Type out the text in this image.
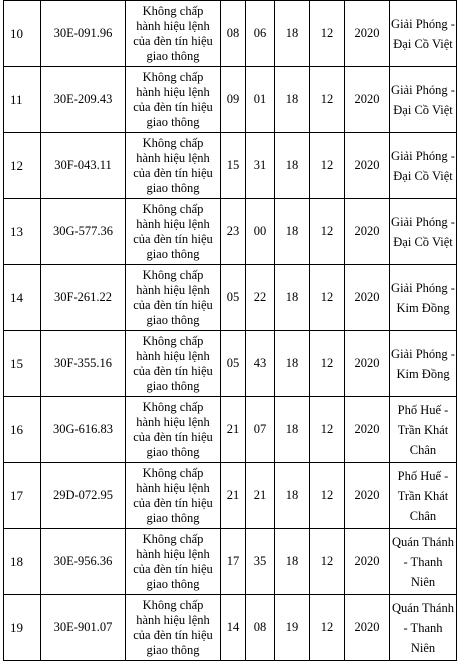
10	30E-091.96	Không chấp
hành hiệu lệnh
của đèn tín hiệu
giao thông	08	06	18	12	2020	Giải Phóng -
Đại Cồ Việt

11	30E-209.43	Không chấp
hành hiệu lệnh
của đèn tín hiệu
giao thông	09	01	18	12	2020	Giải Phóng -
Đại Cồ Việt

12	30F-043.11	Không chấp
hành hiệu lệnh
của đèn tín hiệu
giao thông	15	31	18	12	2020	Giải Phóng -
Đại Cồ Việt

13	30G-577.36	Không chấp
hành hiệu lệnh
của đèn tín hiệu
giao thông	23	00	18	12	2020	Giải Phóng -
Đại Cồ Việt

14	30F-261.22	Không chấp
hành hiệu lệnh
của đèn tín hiệu
giao thông	05	22	18	12	2020	Giải Phóng -
Kim Đồng

15	30F-355.16	Không chấp
hành hiệu lệnh
của đèn tín hiệu
giao thông	05	43	18	12	2020	Giải Phóng -
Kim Đồng

16	30G-616.83	Không chấp
hành hiệu lệnh
của đèn tín hiệu
giao thông	21	07	18	12	2020	Phố Huế -
Trần Khát
Chân

17	29D-072.95	Không chấp
hành hiệu lệnh
của đèn tín hiệu
giao thông	21	21	18	12	2020	Phố Huế -
Trần Khát
Chân

18	30E-956.36	Không chấp
hành hiệu lệnh
của đèn tín hiệu
giao thông	17	35	18	12	2020	Quán Thánh
- Thanh Niên

19	30E-901.07	Không chấp
hành hiệu lệnh
của đèn tín hiệu
giao thông	14	08	19	12	2020	Quán Thánh
- Thanh Niên
